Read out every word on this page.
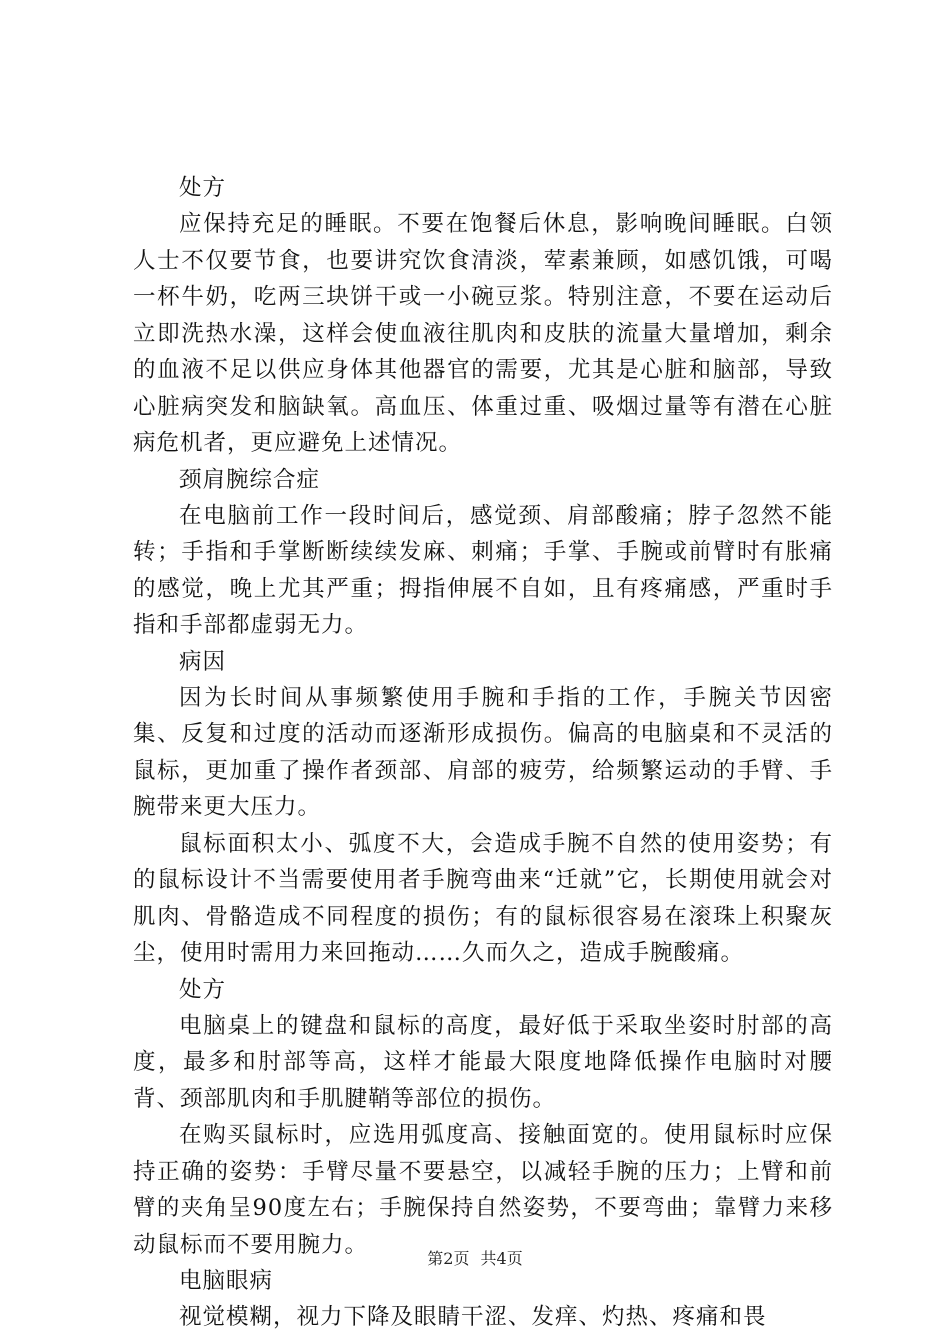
处方

应保持充足的睡眠。不要在饱餐后休息，影响晚间睡眠。白领人士不仅要节食，也要讲究饮食清淡，荤素兼顾，如感饥饿，可喝一杯牛奶，吃两三块饼干或一小碗豆浆。特别注意，不要在运动后立即洗热水澡，这样会使血液往肌肉和皮肤的流量大量增加，剩余的血液不足以供应身体其他器官的需要，尤其是心脏和脑部，导致心脏病突发和脑缺氧。高血压、体重过重、吸烟过量等有潜在心脏病危机者，更应避免上述情况。

颈肩腕综合症

在电脑前工作一段时间后，感觉颈、肩部酸痛；脖子忽然不能转；手指和手掌断断续续发麻、刺痛；手掌、手腕或前臂时有胀痛的感觉，晚上尤其严重；拇指伸展不自如，且有疼痛感，严重时手指和手部都虚弱无力。

病因

因为长时间从事频繁使用手腕和手指的工作，手腕关节因密集、反复和过度的活动而逐渐形成损伤。偏高的电脑桌和不灵活的鼠标，更加重了操作者颈部、肩部的疲劳，给频繁运动的手臂、手腕带来更大压力。

鼠标面积太小、弧度不大，会造成手腕不自然的使用姿势；有的鼠标设计不当需要使用者手腕弯曲来“迁就”它，长期使用就会对肌肉、骨骼造成不同程度的损伤；有的鼠标很容易在滚珠上积聚灰尘，使用时需用力来回拖动……久而久之，造成手腕酸痛。

处方

电脑桌上的键盘和鼠标的高度，最好低于采取坐姿时肘部的高度，最多和肘部等高，这样才能最大限度地降低操作电脑时对腰背、颈部肌肉和手肌腱鞘等部位的损伤。

在购买鼠标时，应选用弧度高、接触面宽的。使用鼠标时应保持正确的姿势：手臂尽量不要悬空，以减轻手腕的压力；上臂和前臂的夹角呈90度左右；手腕保持自然姿势，不要弯曲；靠臂力来移动鼠标而不要用腕力。

电脑眼病

视觉模糊，视力下降及眼睛干涩、发痒、灼热、疼痛和畏

第2页 共4页
